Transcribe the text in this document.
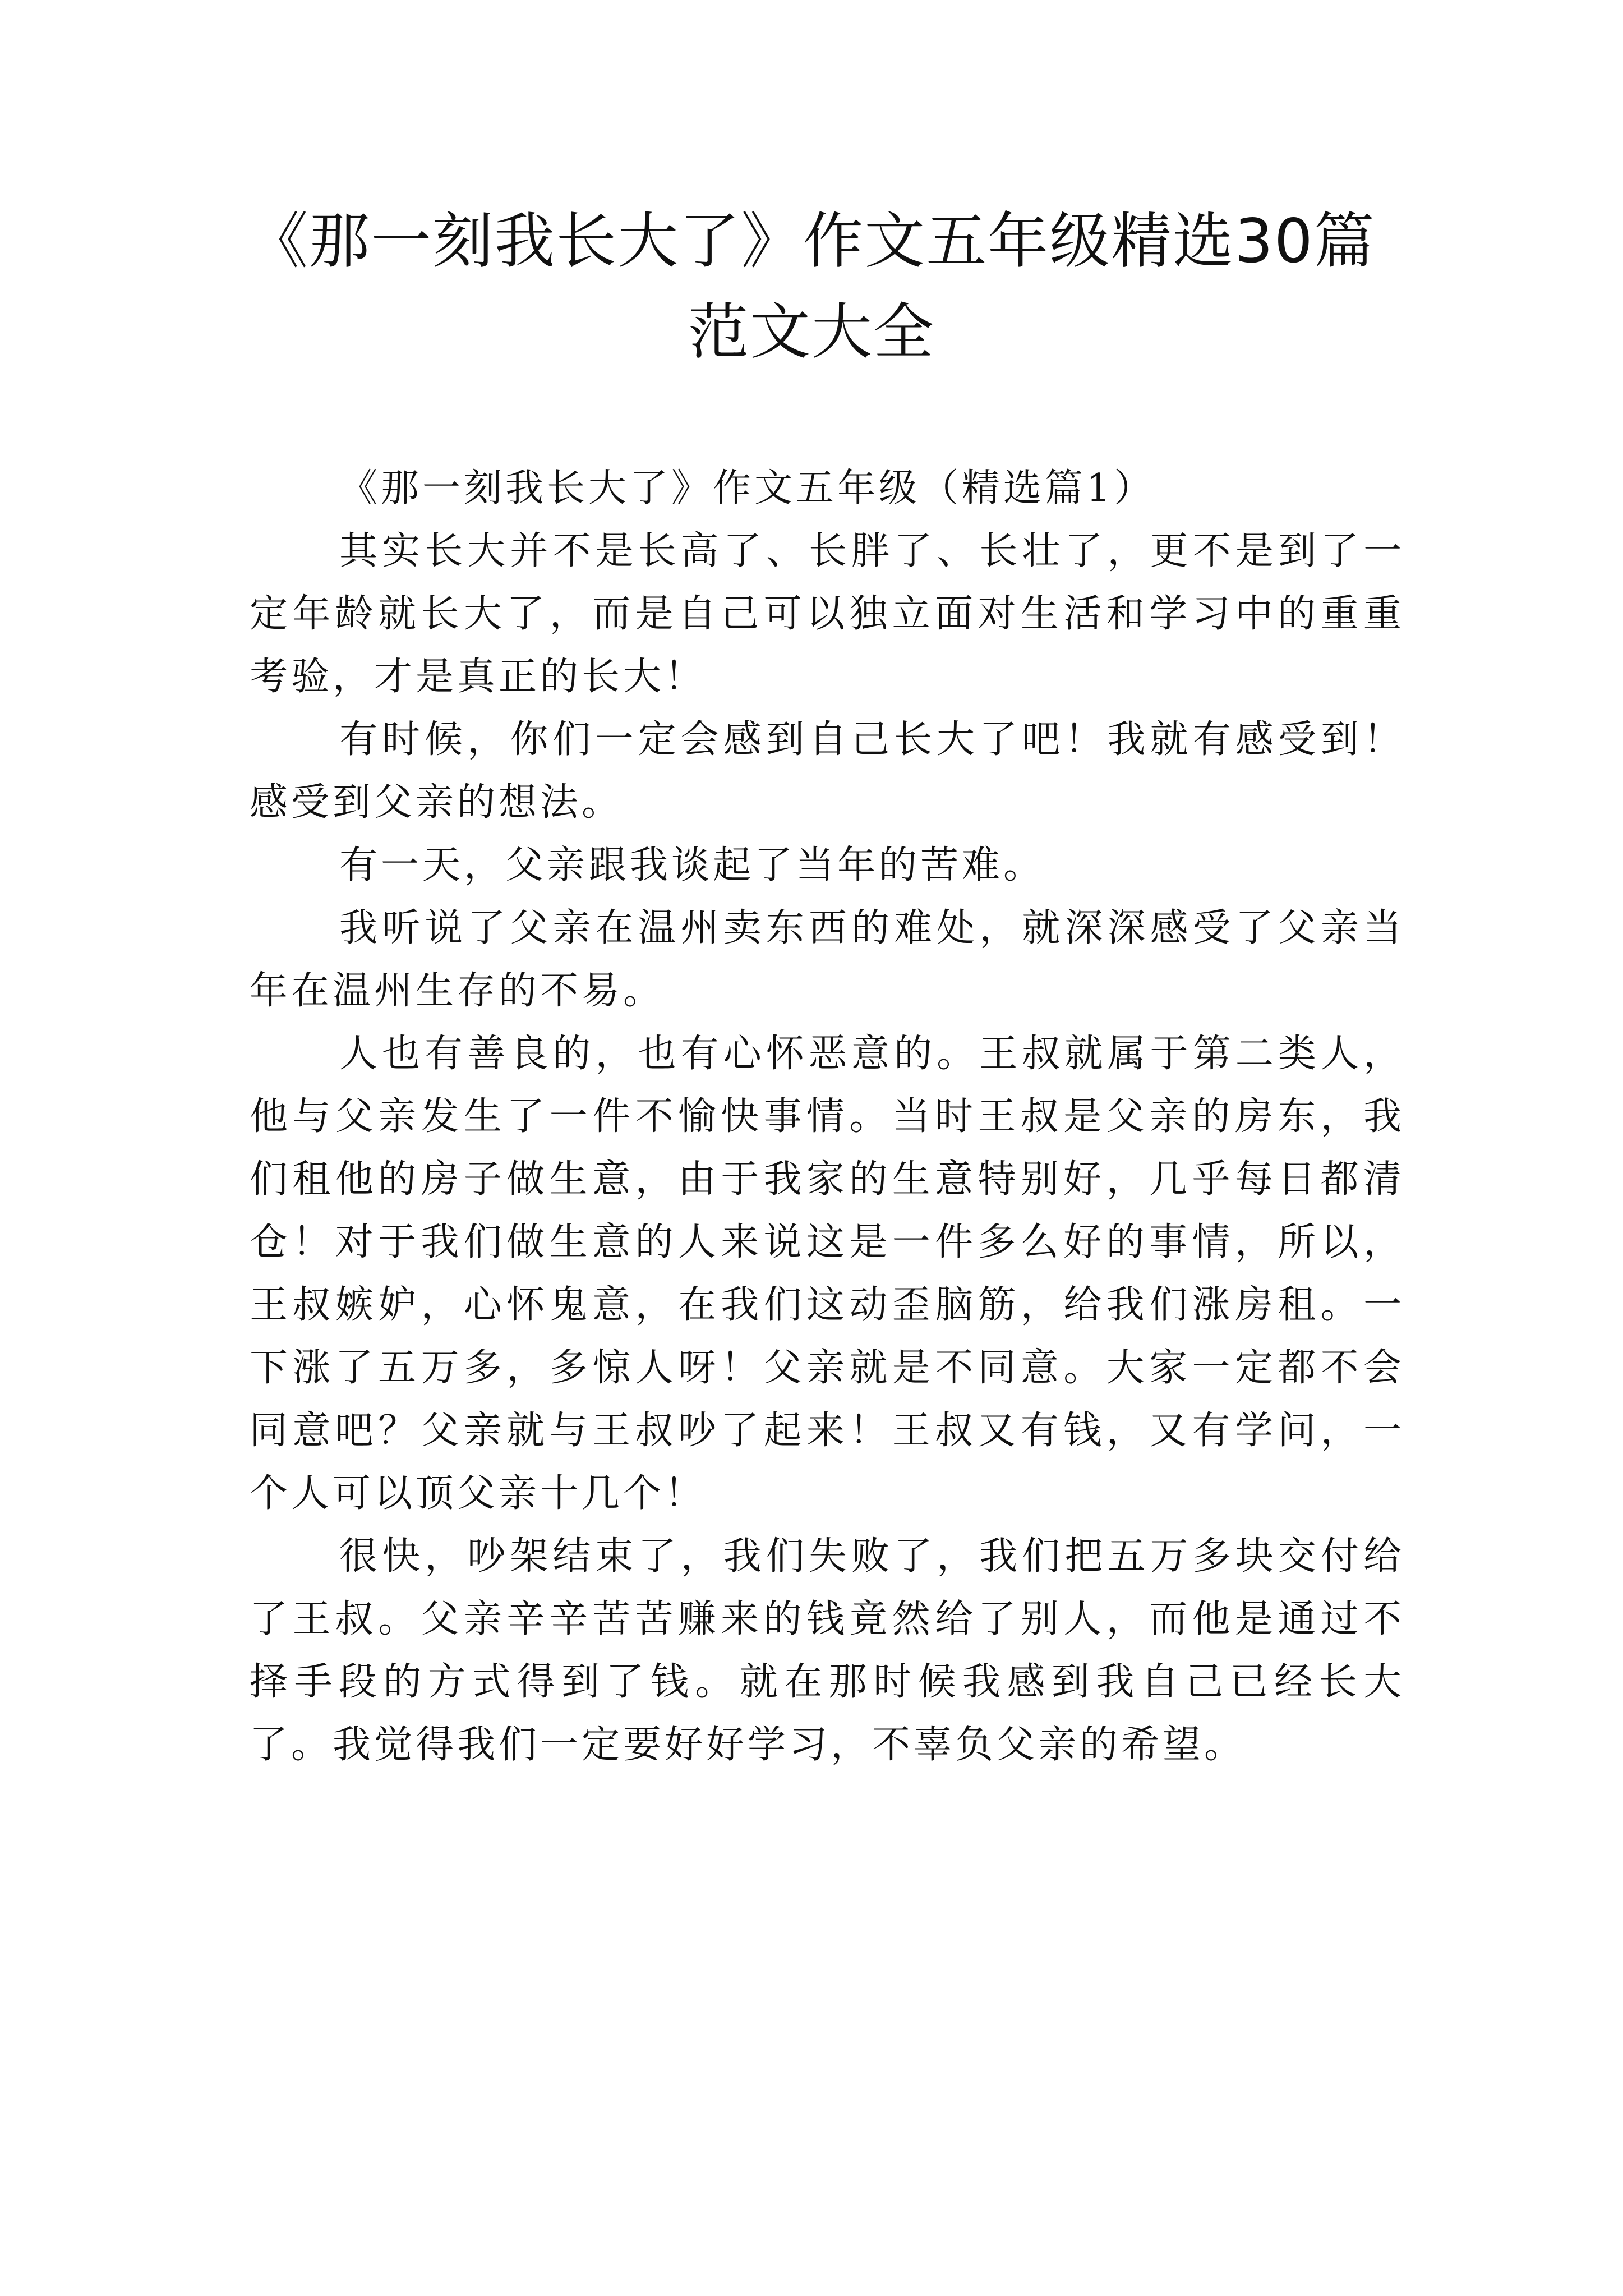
《那一刻我长大了》作文五年级精选30篇
范文大全

《那一刻我长大了》作文五年级（精选篇1）

其实长大并不是长高了、长胖了、长壮了，更不是到了一定年龄就长大了，而是自己可以独立面对生活和学习中的重重考验，才是真正的长大！

有时候，你们一定会感到自己长大了吧！我就有感受到！感受到父亲的想法。

有一天，父亲跟我谈起了当年的苦难。

我听说了父亲在温州卖东西的难处，就深深感受了父亲当年在温州生存的不易。

人也有善良的，也有心怀恶意的。王叔就属于第二类人，他与父亲发生了一件不愉快事情。当时王叔是父亲的房东，我们租他的房子做生意，由于我家的生意特别好，几乎每日都清仓！对于我们做生意的人来说这是一件多么好的事情，所以，王叔嫉妒，心怀鬼意，在我们这动歪脑筋，给我们涨房租。一下涨了五万多，多惊人呀！父亲就是不同意。大家一定都不会同意吧？父亲就与王叔吵了起来！王叔又有钱，又有学问，一个人可以顶父亲十几个！

很快，吵架结束了，我们失败了，我们把五万多块交付给了王叔。父亲辛辛苦苦赚来的钱竟然给了别人，而他是通过不择手段的方式得到了钱。就在那时候我感到我自己已经长大了。我觉得我们一定要好好学习，不辜负父亲的希望。
